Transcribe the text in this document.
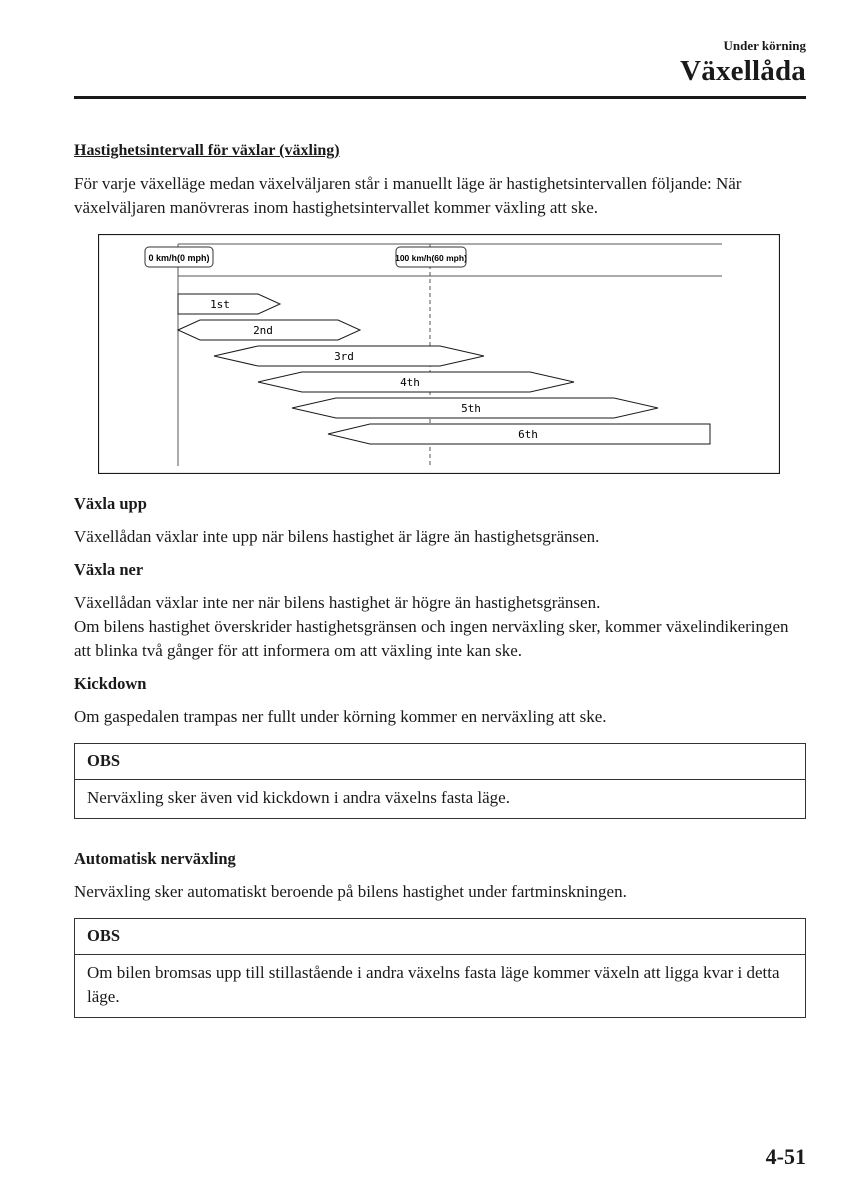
Under körning
Växellåda
Hastighetsintervall för växlar (växling)

För varje växelläge medan växelväljaren står i manuellt läge är hastighetsintervallen följande: När växelväljaren manövreras inom hastighetsintervallet kommer växling att ske.

0 km/h(0 mph)	100 km/h(60 mph)
1st
2nd
3rd
4th
5th
6th
Växla upp

Växellådan växlar inte upp när bilens hastighet är lägre än hastighetsgränsen.

Växla ner

Växellådan växlar inte ner när bilens hastighet är högre än hastighetsgränsen.

Om bilens hastighet överskrider hastighetsgränsen och ingen nerväxling sker, kommer växelindikeringen att blinka två gånger för att informera om att växling inte kan ske.

Kickdown

Om gaspedalen trampas ner fullt under körning kommer en nerväxling att ske.

OBS
Nerväxling sker även vid kickdown i andra växelns fasta läge.
Automatisk nerväxling

Nerväxling sker automatiskt beroende på bilens hastighet under fartminskningen.

OBS
Om bilen bromsas upp till stillastående i andra växelns fasta läge kommer växeln att ligga kvar i detta läge.
4-51
